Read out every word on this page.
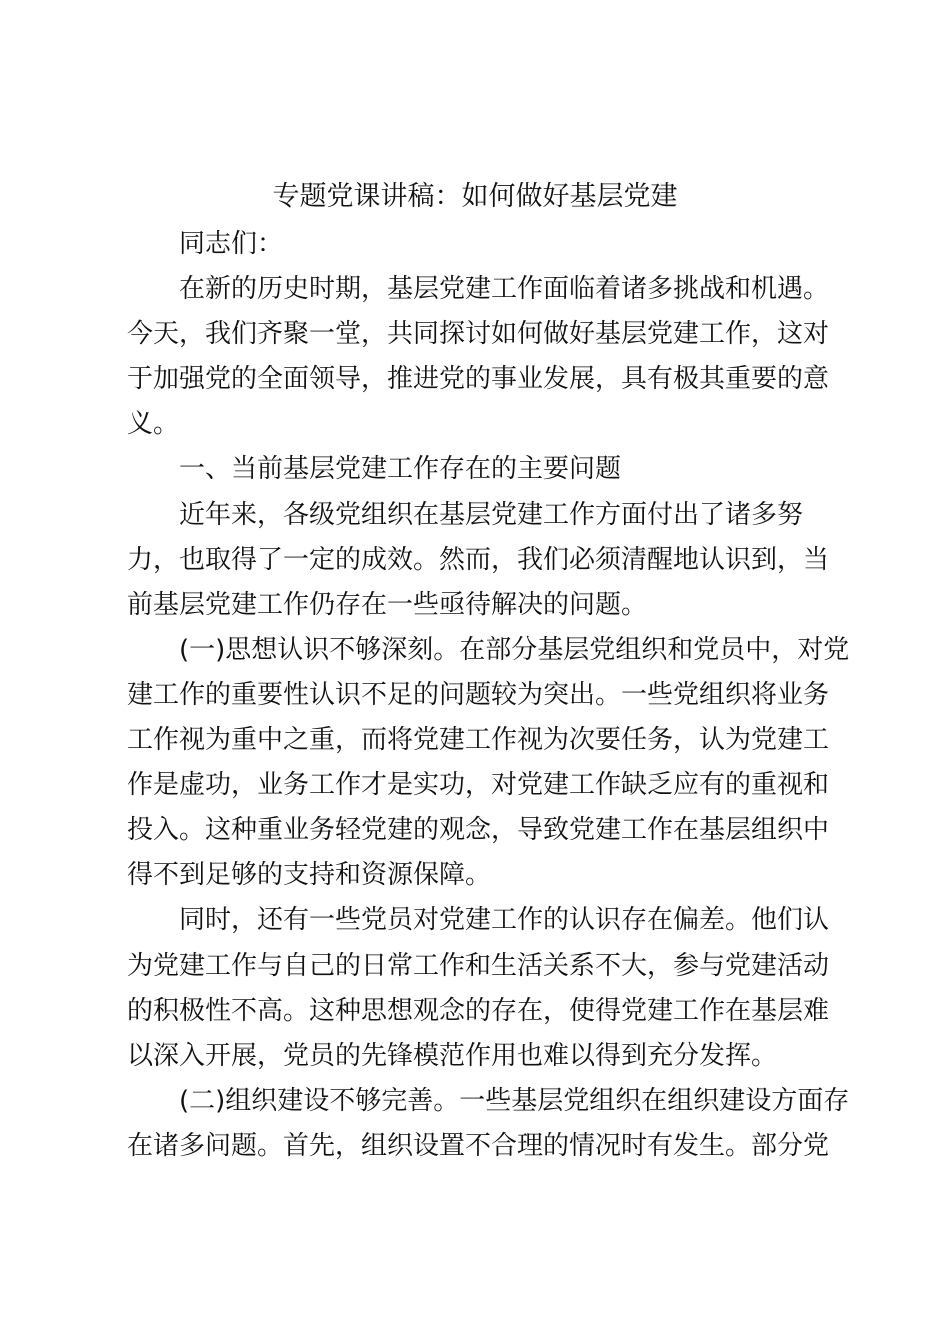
专题党课讲稿：如何做好基层党建
同志们：
在新的历史时期，基层党建工作面临着诸多挑战和机遇。
今天，我们齐聚一堂，共同探讨如何做好基层党建工作，这对
于加强党的全面领导，推进党的事业发展，具有极其重要的意
义。
一、当前基层党建工作存在的主要问题
近年来，各级党组织在基层党建工作方面付出了诸多努
力，也取得了一定的成效。然而，我们必须清醒地认识到，当
前基层党建工作仍存在一些亟待解决的问题。
(一)思想认识不够深刻。在部分基层党组织和党员中，对党
建工作的重要性认识不足的问题较为突出。一些党组织将业务
工作视为重中之重，而将党建工作视为次要任务，认为党建工
作是虚功，业务工作才是实功，对党建工作缺乏应有的重视和
投入。这种重业务轻党建的观念，导致党建工作在基层组织中
得不到足够的支持和资源保障。
同时，还有一些党员对党建工作的认识存在偏差。他们认
为党建工作与自己的日常工作和生活关系不大，参与党建活动
的积极性不高。这种思想观念的存在，使得党建工作在基层难
以深入开展，党员的先锋模范作用也难以得到充分发挥。
(二)组织建设不够完善。一些基层党组织在组织建设方面存
在诸多问题。首先，组织设置不合理的情况时有发生。部分党
